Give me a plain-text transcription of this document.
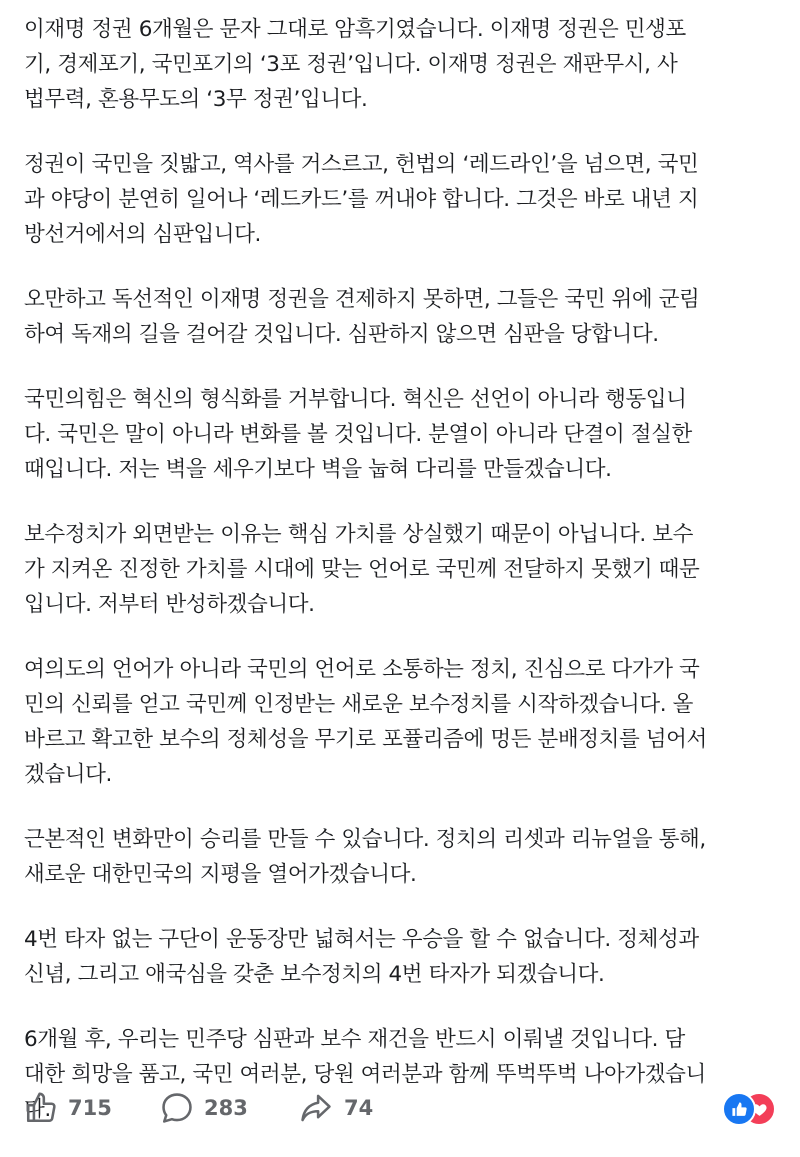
이재명 정권 6개월은 문자 그대로 암흑기였습니다. 이재명 정권은 민생포
기, 경제포기, 국민포기의 ‘3포 정권’입니다. 이재명 정권은 재판무시, 사
법무력, 혼용무도의 ‘3무 정권’입니다.

정권이 국민을 짓밟고, 역사를 거스르고, 헌법의 ‘레드라인’을 넘으면, 국민
과 야당이 분연히 일어나 ‘레드카드’를 꺼내야 합니다. 그것은 바로 내년 지
방선거에서의 심판입니다.

오만하고 독선적인 이재명 정권을 견제하지 못하면, 그들은 국민 위에 군림
하여 독재의 길을 걸어갈 것입니다. 심판하지 않으면 심판을 당합니다.

국민의힘은 혁신의 형식화를 거부합니다. 혁신은 선언이 아니라 행동입니
다. 국민은 말이 아니라 변화를 볼 것입니다. 분열이 아니라 단결이 절실한
때입니다. 저는 벽을 세우기보다 벽을 눕혀 다리를 만들겠습니다.

보수정치가 외면받는 이유는 핵심 가치를 상실했기 때문이 아닙니다. 보수
가 지켜온 진정한 가치를 시대에 맞는 언어로 국민께 전달하지 못했기 때문
입니다. 저부터 반성하겠습니다.

여의도의 언어가 아니라 국민의 언어로 소통하는 정치, 진심으로 다가가 국
민의 신뢰를 얻고 국민께 인정받는 새로운 보수정치를 시작하겠습니다. 올
바르고 확고한 보수의 정체성을 무기로 포퓰리즘에 멍든 분배정치를 넘어서
겠습니다.

근본적인 변화만이 승리를 만들 수 있습니다. 정치의 리셋과 리뉴얼을 통해,
새로운 대한민국의 지평을 열어가겠습니다.

4번 타자 없는 구단이 운동장만 넓혀서는 우승을 할 수 없습니다. 정체성과
신념, 그리고 애국심을 갖춘 보수정치의 4번 타자가 되겠습니다.

6개월 후, 우리는 민주당 심판과 보수 재건을 반드시 이뤄낼 것입니다. 담
대한 희망을 품고, 국민 여러분, 당원 여러분과 함께 뚜벅뚜벅 나아가겠습니
다. 715	283	74
